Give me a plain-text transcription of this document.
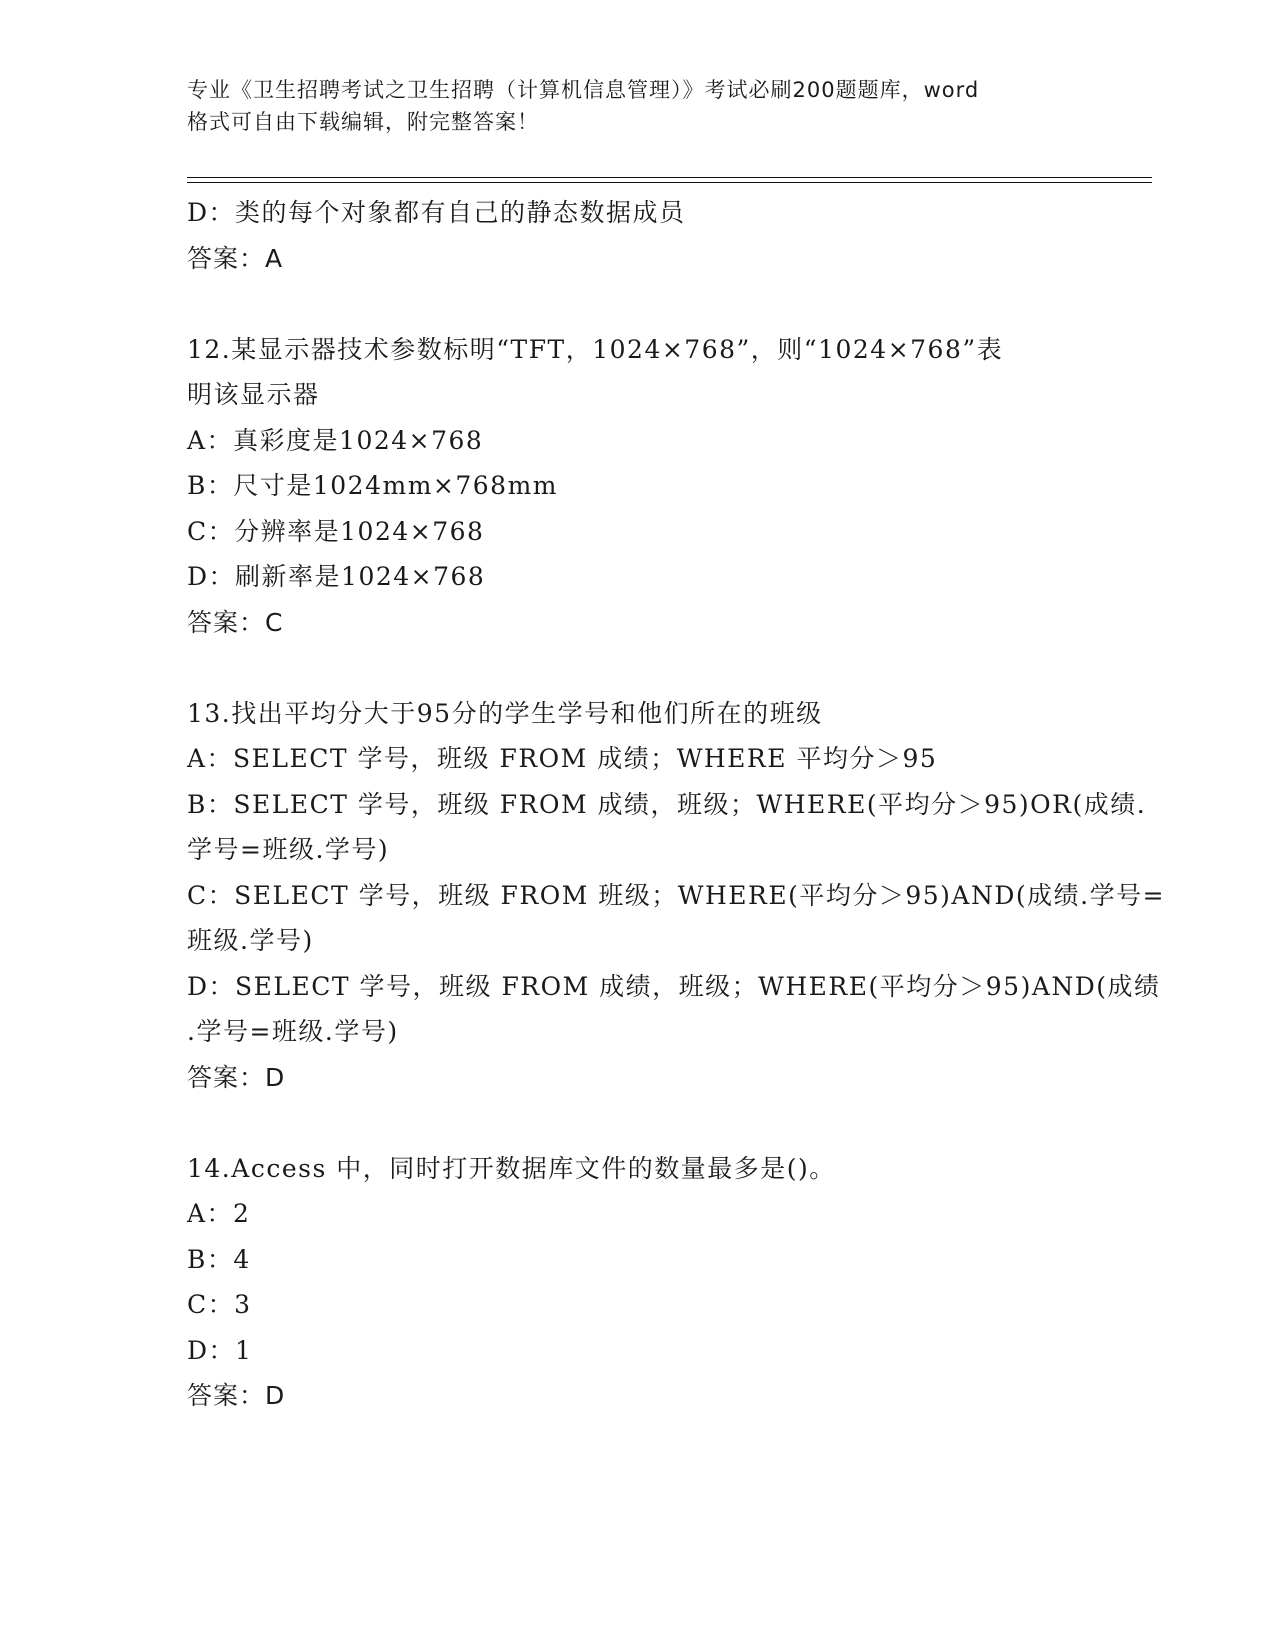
专业《卫生招聘考试之卫生招聘（计算机信息管理）》考试必刷200题题库，word
格式可自由下载编辑，附完整答案！
D：类的每个对象都有自己的静态数据成员
答案：A
12.某显示器技术参数标明“TFT，1024×768”，则“1024×768”表
明该显示器
A：真彩度是1024×768
B：尺寸是1024mm×768mm
C：分辨率是1024×768
D：刷新率是1024×768
答案：C
13.找出平均分大于95分的学生学号和他们所在的班级
A：SELECT 学号，班级 FROM 成绩；WHERE 平均分＞95
B：SELECT 学号，班级 FROM 成绩，班级；WHERE(平均分＞95)OR(成绩.
学号=班级.学号)
C：SELECT 学号，班级 FROM 班级；WHERE(平均分＞95)AND(成绩.学号=
班级.学号)
D：SELECT 学号，班级 FROM 成绩，班级；WHERE(平均分＞95)AND(成绩
.学号=班级.学号)
答案：D
14.Access 中，同时打开数据库文件的数量最多是()。
A：2
B：4
C：3
D：1
答案：D
